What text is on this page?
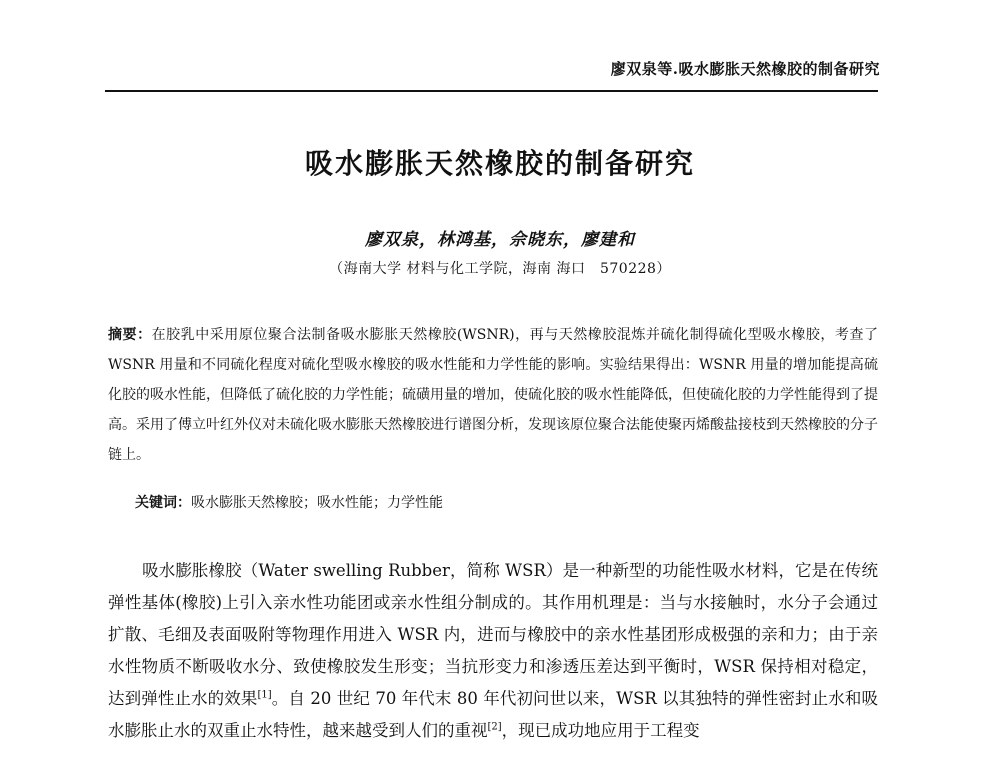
廖双泉等.吸水膨胀天然橡胶的制备研究
吸水膨胀天然橡胶的制备研究
廖双泉，林鸿基，佘晓东，廖建和
（海南大学 材料与化工学院，海南 海口　570228）
摘要：在胶乳中采用原位聚合法制备吸水膨胀天然橡胶(WSNR)，再与天然橡胶混炼并硫化制得硫化型吸水橡胶，考查了 WSNR 用量和不同硫化程度对硫化型吸水橡胶的吸水性能和力学性能的影响。实验结果得出：WSNR 用量的增加能提高硫化胶的吸水性能，但降低了硫化胶的力学性能；硫磺用量的增加，使硫化胶的吸水性能降低，但使硫化胶的力学性能得到了提高。采用了傅立叶红外仪对未硫化吸水膨胀天然橡胶进行谱图分析，发现该原位聚合法能使聚丙烯酸盐接枝到天然橡胶的分子链上。
关键词：吸水膨胀天然橡胶；吸水性能；力学性能
吸水膨胀橡胶（Water swelling Rubber，简称 WSR）是一种新型的功能性吸水材料，它是在传统弹性基体(橡胶)上引入亲水性功能团或亲水性组分制成的。其作用机理是：当与水接触时，水分子会通过扩散、毛细及表面吸附等物理作用进入 WSR 内，进而与橡胶中的亲水性基团形成极强的亲和力；由于亲水性物质不断吸收水分、致使橡胶发生形变；当抗形变力和渗透压差达到平衡时，WSR 保持相对稳定，达到弹性止水的效果[1]。自 20 世纪 70 年代末 80 年代初问世以来，WSR 以其独特的弹性密封止水和吸水膨胀止水的双重止水特性，越来越受到人们的重视[2]，现已成功地应用于工程变
